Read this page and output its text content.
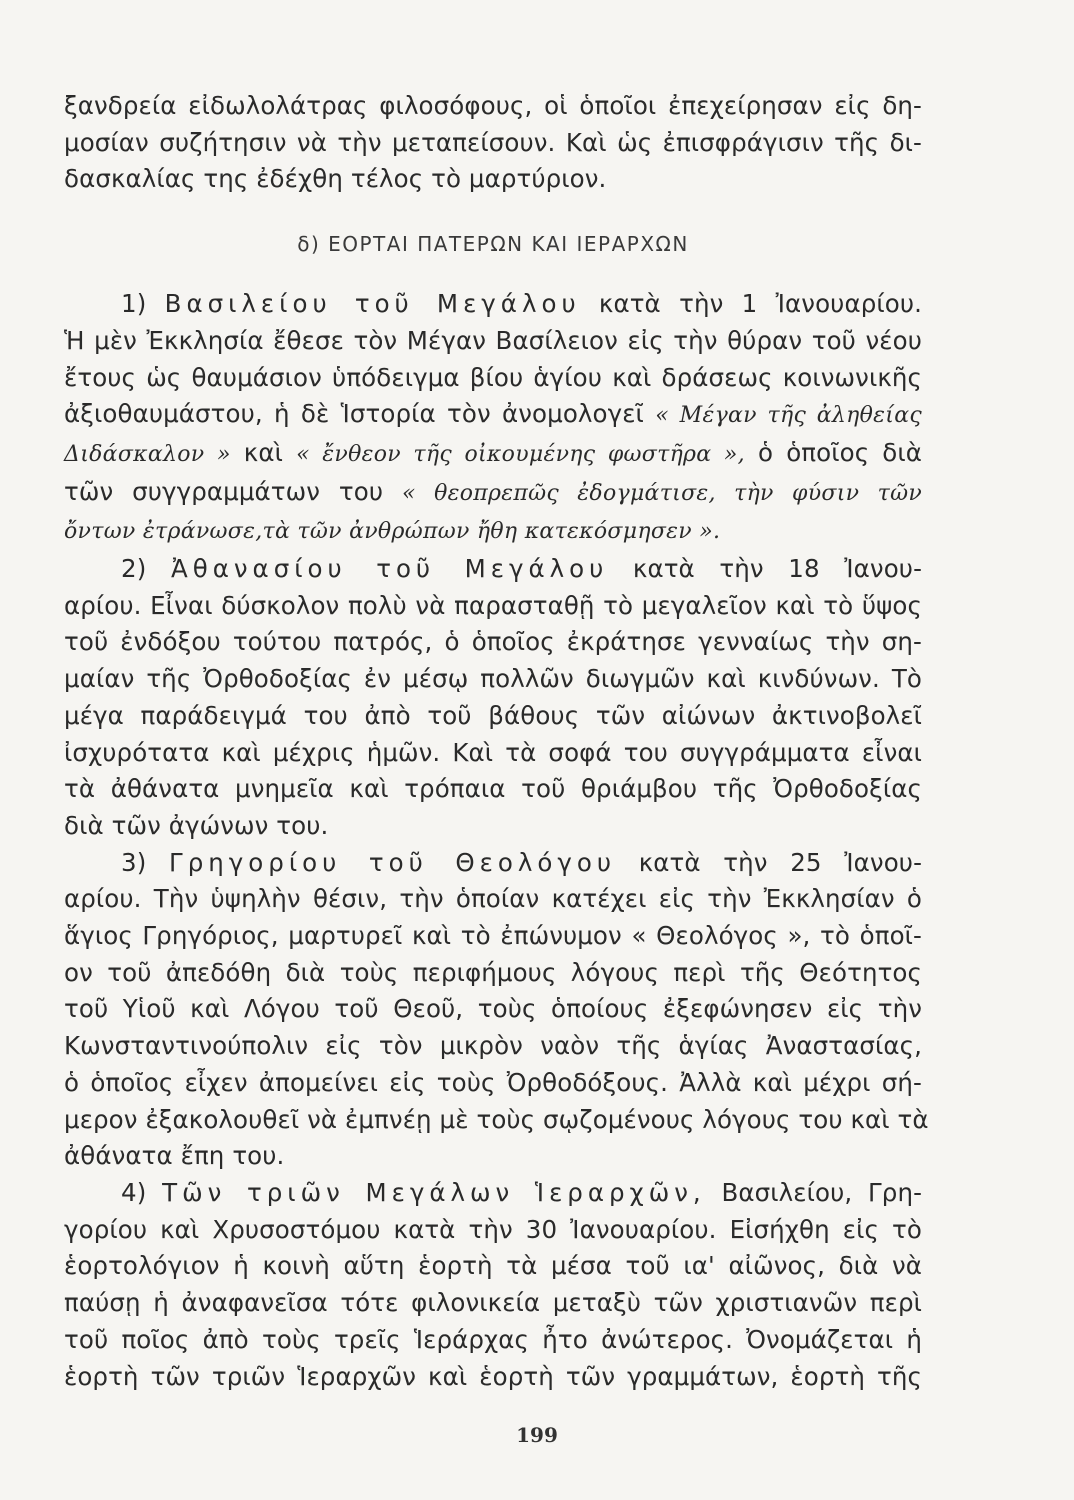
ξανδρεία εἰδωλολάτρας φιλοσόφους, οἱ ὁποῖοι ἐπεχείρησαν εἰς δη-
μοσίαν συζήτησιν νὰ τὴν μεταπείσουν. Καὶ ὡς ἐπισφράγισιν τῆς δι-
δασκαλίας της ἐδέχθη τέλος τὸ μαρτύριον.
δ) ΕΟΡΤΑΙ ΠΑΤΕΡΩΝ ΚΑΙ ΙΕΡΑΡΧΩΝ
1) Βασιλείου τοῦ Μεγάλου κατὰ τὴν 1 Ἰανουαρίου.
Ἡ μὲν Ἐκκλησία ἔθεσε τὸν Μέγαν Βασίλειον εἰς τὴν θύραν τοῦ νέου
ἔτους ὡς θαυμάσιον ὑπόδειγμα βίου ἁγίου καὶ δράσεως κοινωνικῆς
ἀξιοθαυμάστου, ἡ δὲ Ἱστορία τὸν ἀνομολογεῖ « Μέγαν τῆς ἀληθείας
Διδάσκαλον » καὶ « ἔνθεον τῆς οἰκουμένης φωστῆρα », ὁ ὁποῖος διὰ
τῶν συγγραμμάτων του « θεοπρεπῶς ἐδογμάτισε, τὴν φύσιν τῶν
ὄντων ἐτράνωσε,τὰ τῶν ἀνθρώπων ἤθη κατεκόσμησεν ».
2) Ἀθανασίου τοῦ Μεγάλου κατὰ τὴν 18 Ἰανου-
αρίου. Εἶναι δύσκολον πολὺ νὰ παρασταθῇ τὸ μεγαλεῖον καὶ τὸ ὕψος
τοῦ ἐνδόξου τούτου πατρός, ὁ ὁποῖος ἐκράτησε γενναίως τὴν ση-
μαίαν τῆς Ὀρθοδοξίας ἐν μέσῳ πολλῶν διωγμῶν καὶ κινδύνων. Τὸ
μέγα παράδειγμά του ἀπὸ τοῦ βάθους τῶν αἰώνων ἀκτινοβολεῖ
ἰσχυρότατα καὶ μέχρις ἡμῶν. Καὶ τὰ σοφά του συγγράμματα εἶναι
τὰ ἀθάνατα μνημεῖα καὶ τρόπαια τοῦ θριάμβου τῆς Ὀρθοδοξίας
διὰ τῶν ἀγώνων του.
3) Γρηγορίου τοῦ Θεολόγου κατὰ τὴν 25 Ἰανου-
αρίου. Τὴν ὑψηλὴν θέσιν, τὴν ὁποίαν κατέχει εἰς τὴν Ἐκκλησίαν ὁ
ἅγιος Γρηγόριος, μαρτυρεῖ καὶ τὸ ἐπώνυμον « Θεολόγος », τὸ ὁποῖ-
ον τοῦ ἀπεδόθη διὰ τοὺς περιφήμους λόγους περὶ τῆς Θεότητος
τοῦ Υἱοῦ καὶ Λόγου τοῦ Θεοῦ, τοὺς ὁποίους ἐξεφώνησεν εἰς τὴν
Κωνσταντινούπολιν εἰς τὸν μικρὸν ναὸν τῆς ἁγίας Ἀναστασίας,
ὁ ὁποῖος εἶχεν ἀπομείνει εἰς τοὺς Ὀρθοδόξους. Ἀλλὰ καὶ μέχρι σή-
μερον ἐξακολουθεῖ νὰ ἐμπνέῃ μὲ τοὺς σῳζομένους λόγους του καὶ τὰ
ἀθάνατα ἔπη του.
4) Τῶν τριῶν Μεγάλων Ἱεραρχῶν, Βασιλείου, Γρη-
γορίου καὶ Χρυσοστόμου κατὰ τὴν 30 Ἰανουαρίου. Εἰσήχθη εἰς τὸ
ἑορτολόγιον ἡ κοινὴ αὕτη ἑορτὴ τὰ μέσα τοῦ ια' αἰῶνος, διὰ νὰ
παύσῃ ἡ ἀναφανεῖσα τότε φιλονικεία μεταξὺ τῶν χριστιανῶν περὶ
τοῦ ποῖος ἀπὸ τοὺς τρεῖς Ἱεράρχας ἦτο ἀνώτερος. Ὀνομάζεται ἡ
ἑορτὴ τῶν τριῶν Ἱεραρχῶν καὶ ἑορτὴ τῶν γραμμάτων, ἑορτὴ τῆς
199
